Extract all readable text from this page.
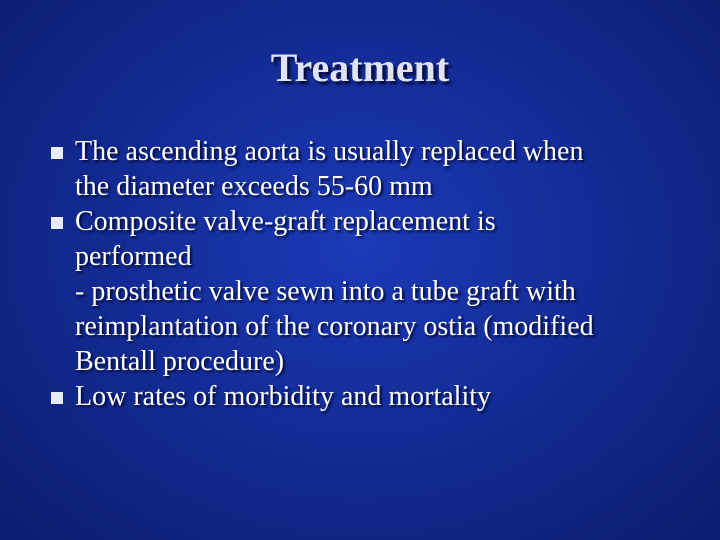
Treatment
The ascending aorta is usually replaced when
the diameter exceeds 55-60 mm
Composite valve-graft replacement is
performed
- prosthetic valve sewn into a tube graft with
reimplantation of the coronary ostia (modified
Bentall procedure)
Low rates of morbidity and mortality
